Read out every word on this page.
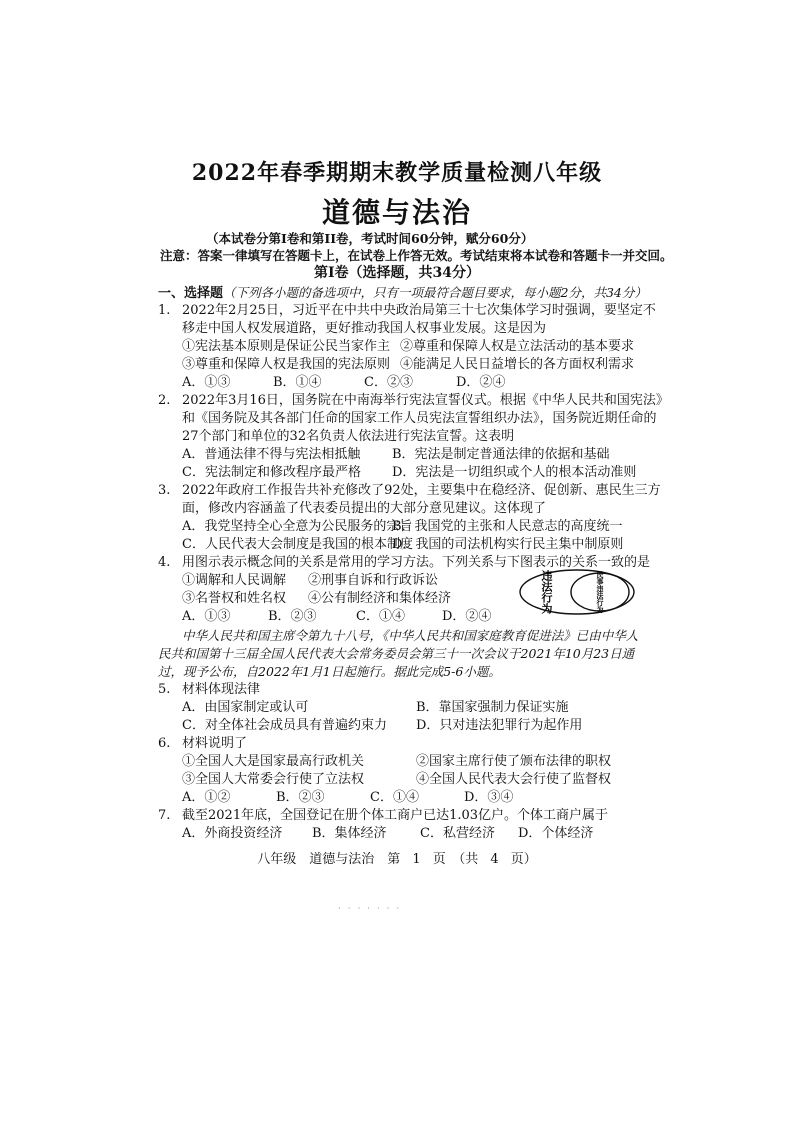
2022年春季期期末教学质量检测八年级
道德与法治
（本试卷分第I卷和第II卷，考试时间60分钟，赋分60分）
注意：答案一律填写在答题卡上，在试卷上作答无效。考试结束将本试卷和答题卡一并交回。
第I卷（选择题，共34分）
一、选择题（下列各小题的备选项中，只有一项最符合题目要求，每小题2分，共34分）
1. 2022年2月25日，习近平在中共中央政治局第三十七次集体学习时强调，要坚定不
移走中国人权发展道路，更好推动我国人权事业发展。这是因为
①宪法基本原则是保证公民当家作主 ②尊重和保障人权是立法活动的基本要求
③尊重和保障人权是我国的宪法原则 ④能满足人民日益增长的各方面权利需求
A．①③	B．①④	C．②③	D．②④
2. 2022年3月16日，国务院在中南海举行宪法宣誓仪式。根据《中华人民共和国宪法》
和《国务院及其各部门任命的国家工作人员宪法宣誓组织办法》，国务院近期任命的
27个部门和单位的32名负责人依法进行宪法宣誓。这表明
A．普通法律不得与宪法相抵触 B．宪法是制定普通法律的依据和基础
C．宪法制定和修改程序最严格 D．宪法是一切组织或个人的根本活动准则
3. 2022年政府工作报告共补充修改了92处，主要集中在稳经济、促创新、惠民生三方
面，修改内容涵盖了代表委员提出的大部分意见建议。这体现了
A．我党坚持全心全意为公民服务的宗旨
B．我国党的主张和人民意志的高度统一
C．人民代表大会制度是我国的根本制度
D．我国的司法机构实行民主集中制原则
4. 用图示表示概念间的关系是常用的学习方法。下列关系与下图表示的关系一致的是
①调解和人民调解 ②刑事自诉和行政诉讼
③名誉权和姓名权 ④公有制经济和集体经济
A．①③	B．②③	C．①④	D．②④
违法行为	民事违法行为
中华人民共和国主席令第九十八号，《中华人民共和国家庭教育促进法》已由中华人
民共和国第十三届全国人民代表大会常务委员会第三十一次会议于2021年10月23日通
过，现予公布，自2022年1月1日起施行。据此完成5-6小题。
5. 材料体现法律
A．由国家制定或认可	B．靠国家强制力保证实施
C．对全体社会成员具有普遍约束力 D．只对违法犯罪行为起作用
6. 材料说明了
①全国人大是国家最高行政机关	②国家主席行使了颁布法律的职权
③全国人大常委会行使了立法权	④全国人民代表大会行使了监督权
A．①②	B．②③	C．①④	D．③④
7. 截至2021年底，全国登记在册个体工商户已达1.03亿户。个体工商户属于
A．外商投资经济 B．集体经济	C．私营经济 D．个体经济
八年级　道德与法治　第 1 页　（共 4 页）
· · · · · · ·
